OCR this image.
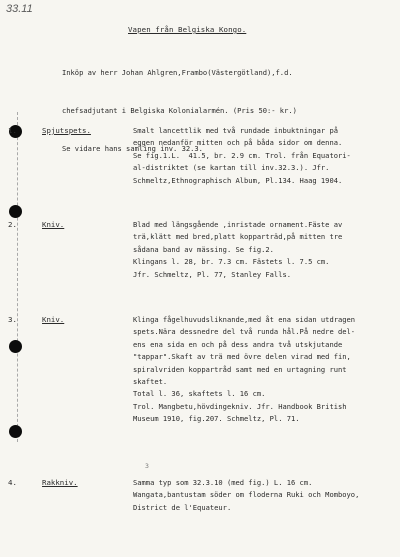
33.11
Vapen från Belgiska Kongo.

Inköp av herr Johan Ahlgren,Frambo(Västergötland),f.d.

chefsadjutant i Belgiska Kolonialarmén. (Pris 50:- kr.)

Se vidare hans samling inv. 32.3.

1.	Spjutspets.	Smalt lancettlik med två rundade inbuktningar på
eggen nedanför mitten och på båda sidor om denna.
Se fig.1.L.  41.5, br. 2.9 cm. Trol. från Equatori-
al-distriktet (se kartan till inv.32.3.). Jfr.
Schmeltz,Ethnographisch Album, Pl.134. Haag 1904.
2.	Kniv.	Blad med längsgående ,inristade ornament.Fäste av
trä,klätt med bred,platt kopparträd,på mitten tre
sådana band av mässing. Se fig.2.
Klingans l. 28, br. 7.3 cm. Fästets l. 7.5 cm.
Jfr. Schmeltz, Pl. 77, Stanley Falls.
3.	Kniv.	Klinga fågelhuvudsliknande,med åt ena sidan utdragen
spets.Nära dessnedre del två runda hål.På nedre del-
ens ena sida en och på dess andra två utskjutande
"tappar".Skaft av trä med övre delen virad med fin,
spiralvriden koppartråd samt med en urtagning runt
skaftet.
Total l. 36, skaftets l. 16 cm.
Trol. Mangbetu,hövdingekniv. Jfr. Handbook British
Museum 1910, fig.207. Schmeltz, Pl. 71.
3
4.	Rakkniv.	Samma typ som 32.3.10 (med fig.) L. 16 cm.
Wangata,bantustam söder om floderna Ruki och Momboyo,
District de l'Equateur.
